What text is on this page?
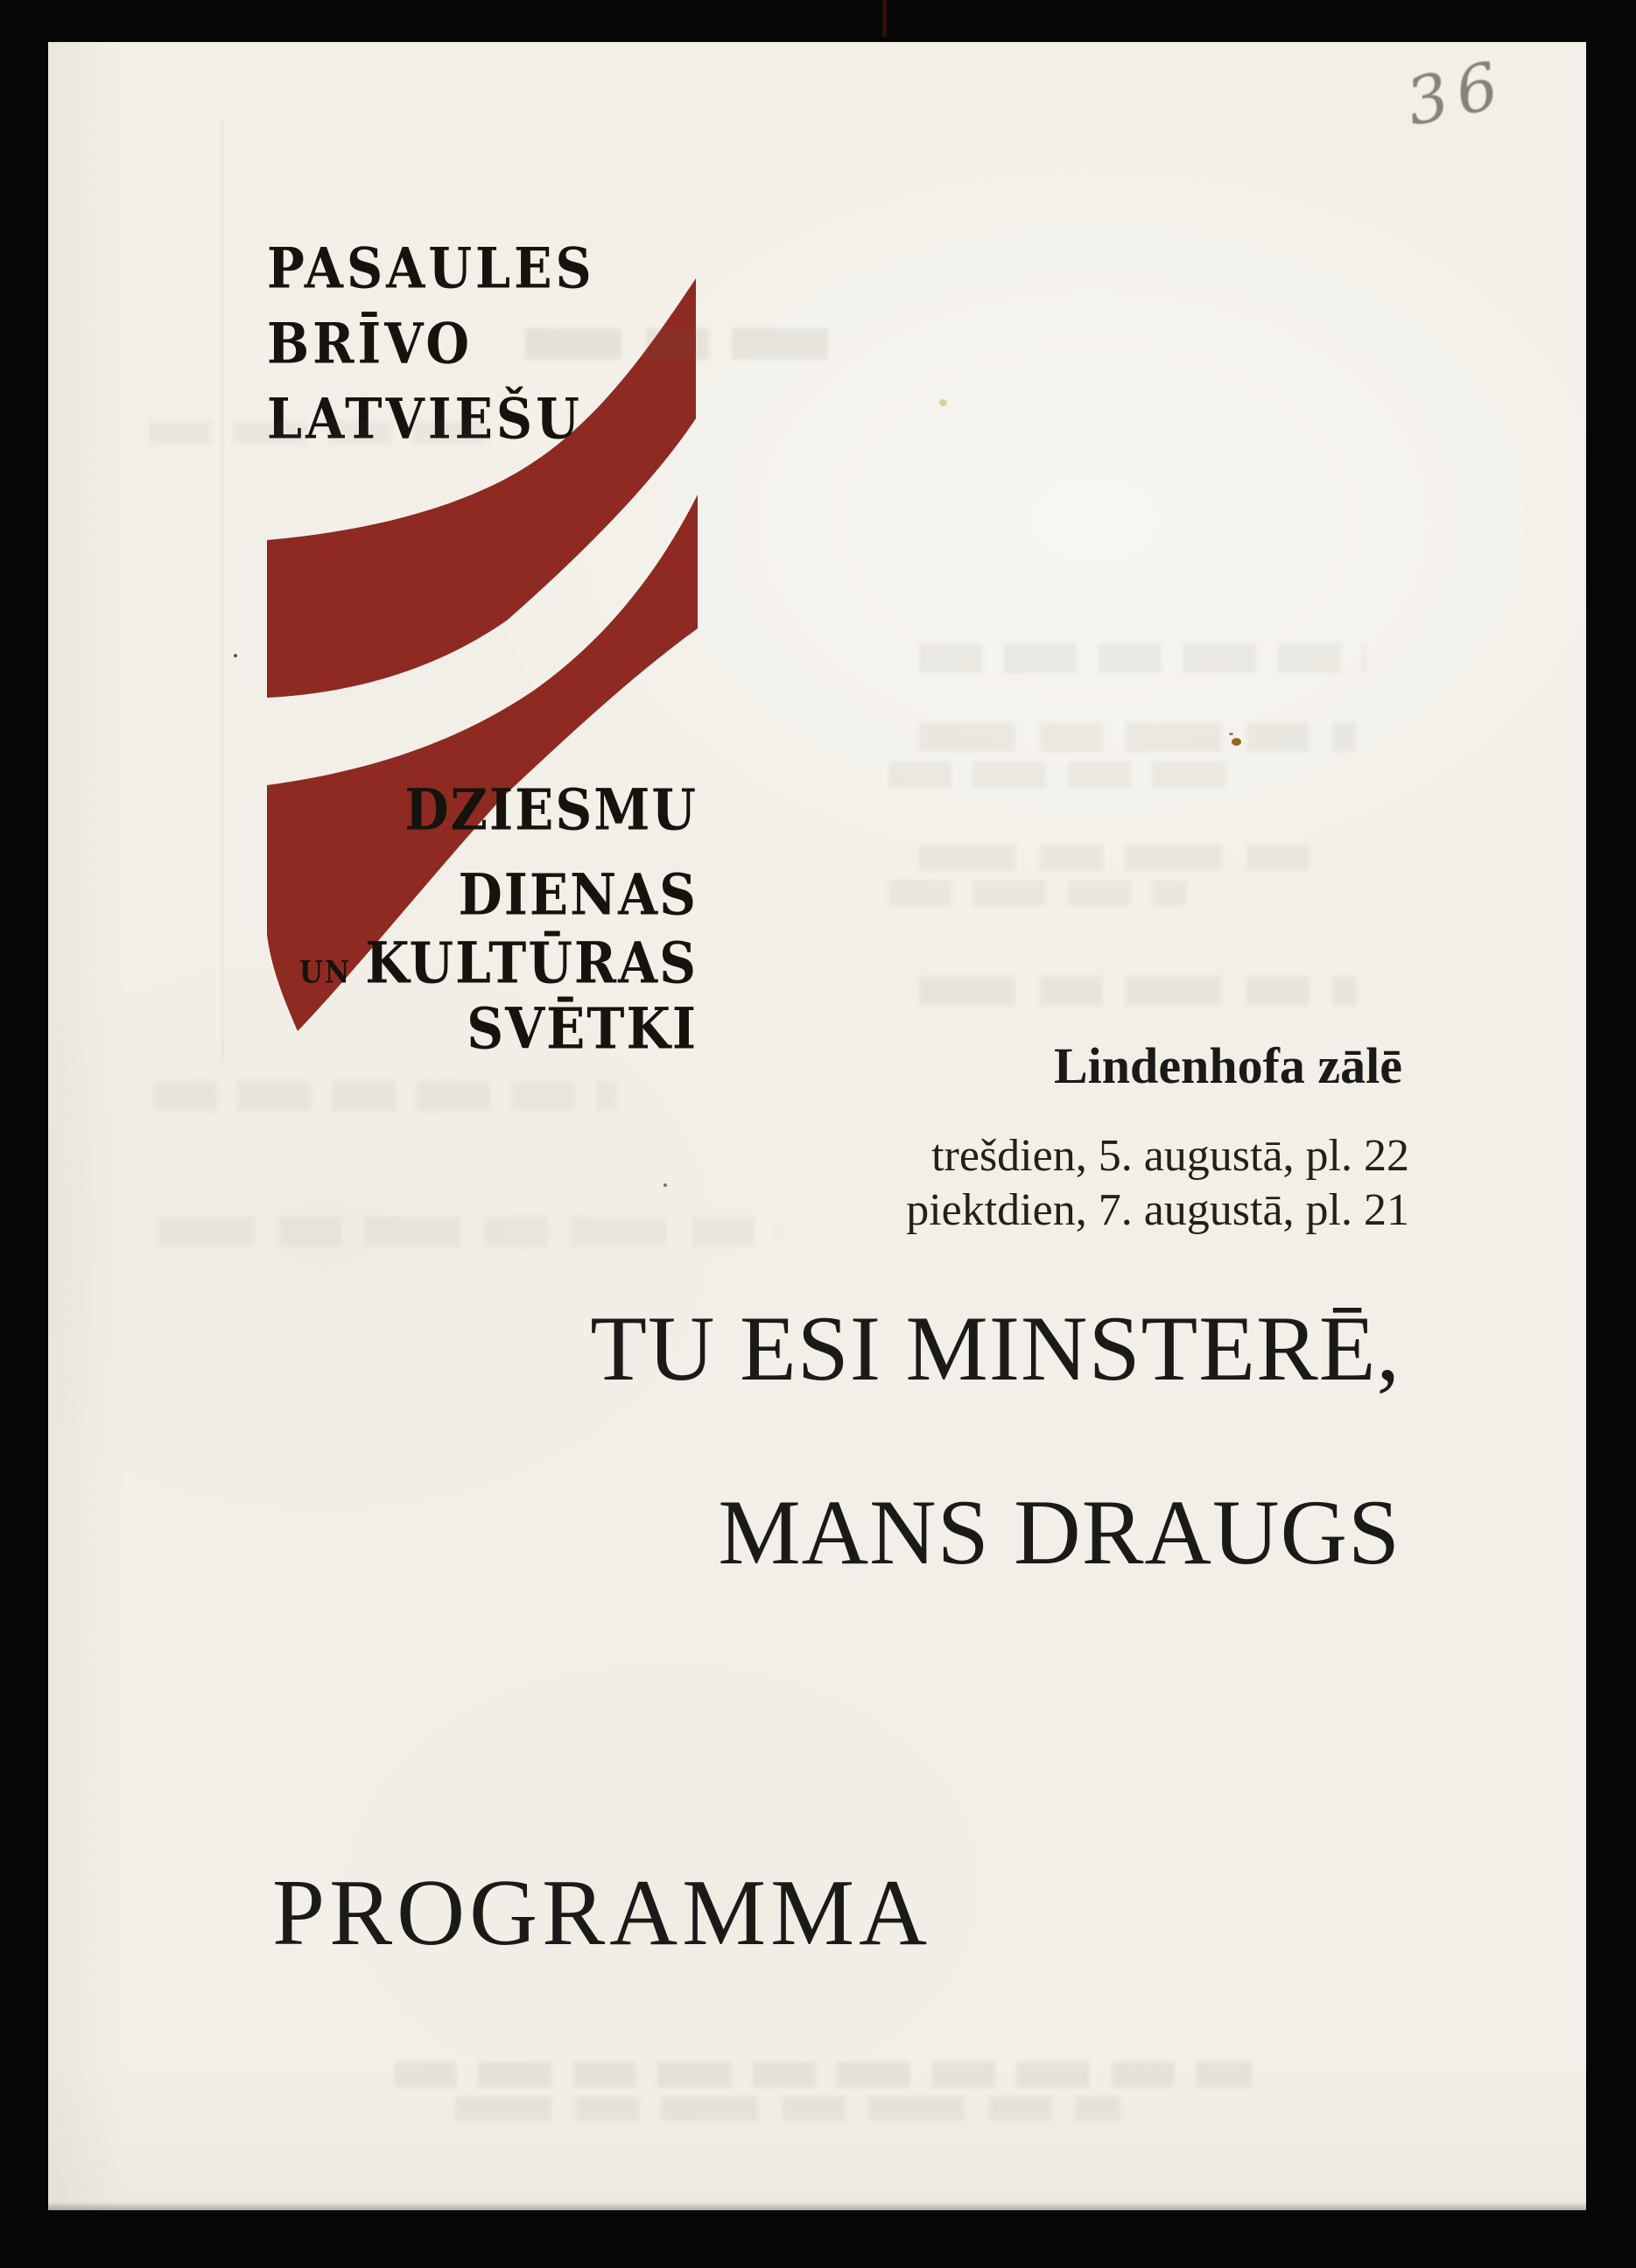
PASAULES
BRĪVO
LATVIEŠU
DZIESMU
DIENAS
UN KULTŪRAS
SVĒTKI
Lindenhofa zālē
trešdien, 5. augustā, pl. 22
piektdien, 7. augustā, pl. 21
TU ESI MINSTERĒ,
MANS DRAUGS
PROGRAMMA
36
